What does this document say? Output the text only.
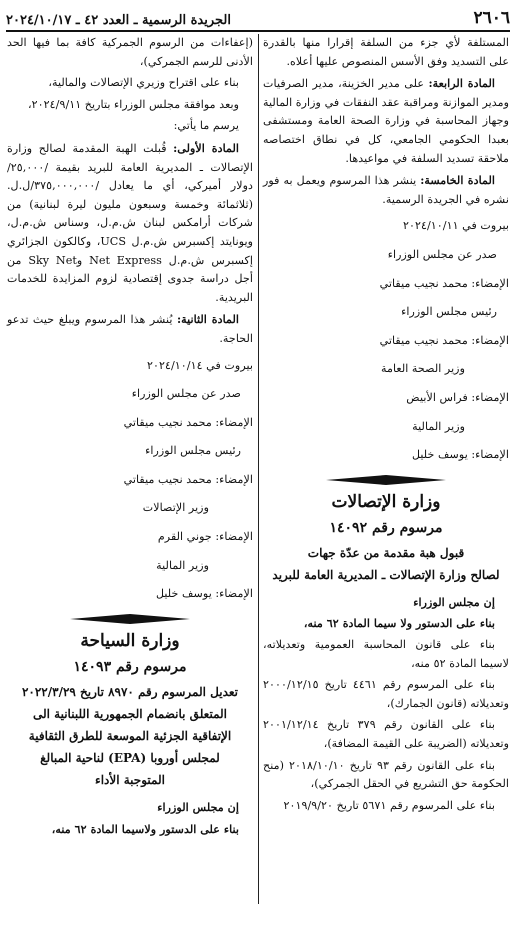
٢٦٠٦
الجريدة الرسمية ـ العدد ٤٢ ـ ٢٠٢٤/١٠/١٧

المستلفة لأي جزء من السلفة إقرارا منها بالقدرة على التسديد وفق الأسس المنصوص عليها أعلاه.

المادة الرابعة: على مدير الخزينة، مدير الصرفيات ومدير الموازنة ومراقبة عقد النفقات في وزارة المالية وجهاز المحاسبة في وزارة الصحة العامة ومستشفى بعبدا الحكومي الجامعي، كل في نطاق اختصاصه ملاحقة تسديد السلفة في مواعيدها.

المادة الخامسة: ينشر هذا المرسوم ويعمل به فور نشره في الجريدة الرسمية.

بيروت في ٢٠٢٤/١٠/١١

صدر عن مجلس الوزراء

الإمضاء: محمد نجيب ميقاتي

رئيس مجلس الوزراء

الإمضاء: محمد نجيب ميقاتي

وزير الصحة العامة

الإمضاء: فراس الأبيض

وزير المالية

الإمضاء: يوسف خليل

وزارة الإتصالات
مرسوم رقم ١٤٠٩٢

قبول هبة مقدمة من عدّة جهات

لصالح وزارة الإتصالات ـ المديرية العامة للبريد

إن مجلس الوزراء

بناء على الدستور ولا سيما المادة ٦٢ منه،

بناء على قانون المحاسبة العمومية وتعديلاته، لاسيما المادة ٥٢ منه،

بناء على المرسوم رقم ٤٤٦١ تاريخ ٢٠٠٠/١٢/١٥ وتعديلاته (قانون الجمارك)،

بناء على القانون رقم ٣٧٩ تاريخ ٢٠٠١/١٢/١٤ وتعديلاته (الضريبة على القيمة المضافة)،

بناء على القانون رقم ٩٣ تاريخ ٢٠١٨/١٠/١٠ (منح الحكومة حق التشريع في الحقل الجمركي)،

بناء على المرسوم رقم ٥٦٧١ تاريخ ٢٠١٩/٩/٢٠

(إعفاءات من الرسوم الجمركية كافة بما فيها الحد الأدنى للرسم الجمركي)،

بناء على اقتراح وزيري الإتصالات والمالية،

وبعد موافقة مجلس الوزراء بتاريخ ٢٠٢٤/٩/١١،

يرسم ما يأتي:

المادة الأولى: قُبلت الهبة المقدمة لصالح وزارة الإتصالات ـ المديرية العامة للبريد بقيمة /٢٥,٠٠٠/ دولار أميركي، أي ما يعادل /٣٧٥,٠٠٠,٠٠٠/ل.ل. (ثلاثمائة وخمسة وسبعون مليون ليرة لبنانية) من شركات أرامكس لبنان ش.م.ل، وسناس ش.م.ل، ويونايتد إكسبرس ش.م.ل UCS، وكالكون الجزائري إكسبرس ش.م.ل Net Express وSky Net من أجل دراسة جدوى إقتصادية لزوم المزايدة للخدمات البريدية.

المادة الثانية: يُنشر هذا المرسوم ويبلغ حيث تدعو الحاجة.

بيروت في ٢٠٢٤/١٠/١٤

صدر عن مجلس الوزراء

الإمضاء: محمد نجيب ميقاتي

رئيس مجلس الوزراء

الإمضاء: محمد نجيب ميقاتي

وزير الإتصالات

الإمضاء: جوني القرم

وزير المالية

الإمضاء: يوسف خليل

وزارة السياحة
مرسوم رقم ١٤٠٩٣

تعديل المرسوم رقم ٨٩٧٠ تاريخ ٢٠٢٢/٣/٢٩

المتعلق بانضمام الجمهورية اللبنانية الى

الإتفاقية الجزئية الموسعة للطرق الثقافية

لمجلس أوروبا (EPA) لناحية المبالغ

المتوجبة الأداء

إن مجلس الوزراء

بناء على الدستور ولاسيما المادة ٦٢ منه،
